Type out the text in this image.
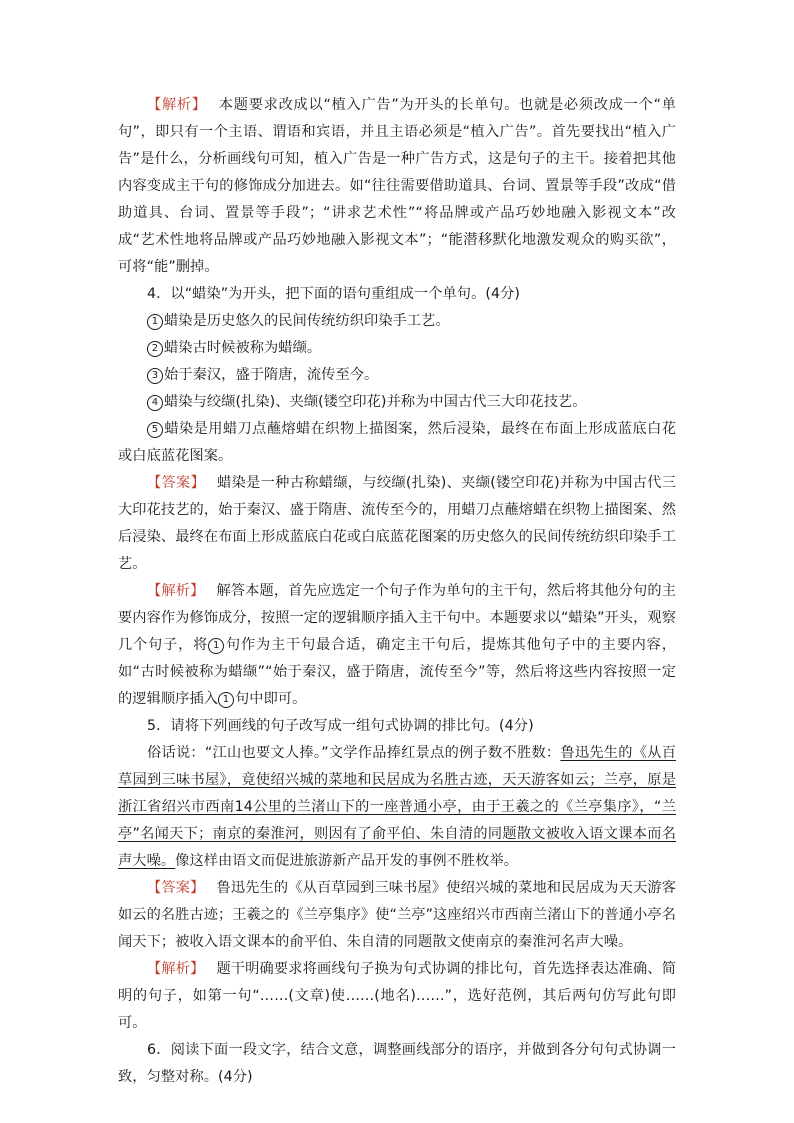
【解析】 本题要求改成以“植入广告”为开头的长单句。也就是必须改成一个“单句”，即只有一个主语、谓语和宾语，并且主语必须是“植入广告”。首先要找出“植入广告”是什么，分析画线句可知，植入广告是一种广告方式，这是句子的主干。接着把其他内容变成主干句的修饰成分加进去。如“往往需要借助道具、台词、置景等手段”改成“借助道具、台词、置景等手段”；“讲求艺术性”“将品牌或产品巧妙地融入影视文本”改成“艺术性地将品牌或产品巧妙地融入影视文本”；“能潜移默化地激发观众的购买欲”，可将“能”删掉。

4．以“蜡染”为开头，把下面的语句重组成一个单句。(4分)

1 蜡染是历史悠久的民间传统纺织印染手工艺。

2 蜡染古时候被称为蜡缬。

3 始于秦汉，盛于隋唐，流传至今。

4 蜡染与绞缬(扎染)、夹缬(镂空印花)并称为中国古代三大印花技艺。

5 蜡染是用蜡刀点蘸熔蜡在织物上描图案，然后浸染，最终在布面上形成蓝底白花或白底蓝花图案。

【答案】 蜡染是一种古称蜡缬，与绞缬(扎染)、夹缬(镂空印花)并称为中国古代三大印花技艺的，始于秦汉、盛于隋唐、流传至今的，用蜡刀点蘸熔蜡在织物上描图案、然后浸染、最终在布面上形成蓝底白花或白底蓝花图案的历史悠久的民间传统纺织印染手工艺。

【解析】 解答本题，首先应选定一个句子作为单句的主干句，然后将其他分句的主要内容作为修饰成分，按照一定的逻辑顺序插入主干句中。本题要求以“蜡染”开头，观察几个句子，将 1 句作为主干句最合适，确定主干句后，提炼其他句子中的主要内容，如“古时候被称为蜡缬”“始于秦汉，盛于隋唐，流传至今”等，然后将这些内容按照一定的逻辑顺序插入 1 句中即可。

5．请将下列画线的句子改写成一组句式协调的排比句。(4分)

俗话说：“江山也要文人捧。”文学作品捧红景点的例子数不胜数：鲁迅先生的《从百草园到三味书屋》，竟使绍兴城的菜地和民居成为名胜古迹，天天游客如云；兰亭，原是浙江省绍兴市西南14公里的兰渚山下的一座普通小亭，由于王羲之的《兰亭集序》，“兰亭”名闻天下；南京的秦淮河，则因有了俞平伯、朱自清的同题散文被收入语文课本而名声大噪。像这样由语文而促进旅游新产品开发的事例不胜枚举。

【答案】 鲁迅先生的《从百草园到三味书屋》使绍兴城的菜地和民居成为天天游客如云的名胜古迹；王羲之的《兰亭集序》使“兰亭”这座绍兴市西南兰渚山下的普通小亭名闻天下；被收入语文课本的俞平伯、朱自清的同题散文使南京的秦淮河名声大噪。

【解析】 题干明确要求将画线句子换为句式协调的排比句，首先选择表达准确、简明的句子，如第一句“……(文章)使……(地名)……”，选好范例，其后两句仿写此句即可。

6．阅读下面一段文字，结合文意，调整画线部分的语序，并做到各分句句式协调一致，匀整对称。(4分)
